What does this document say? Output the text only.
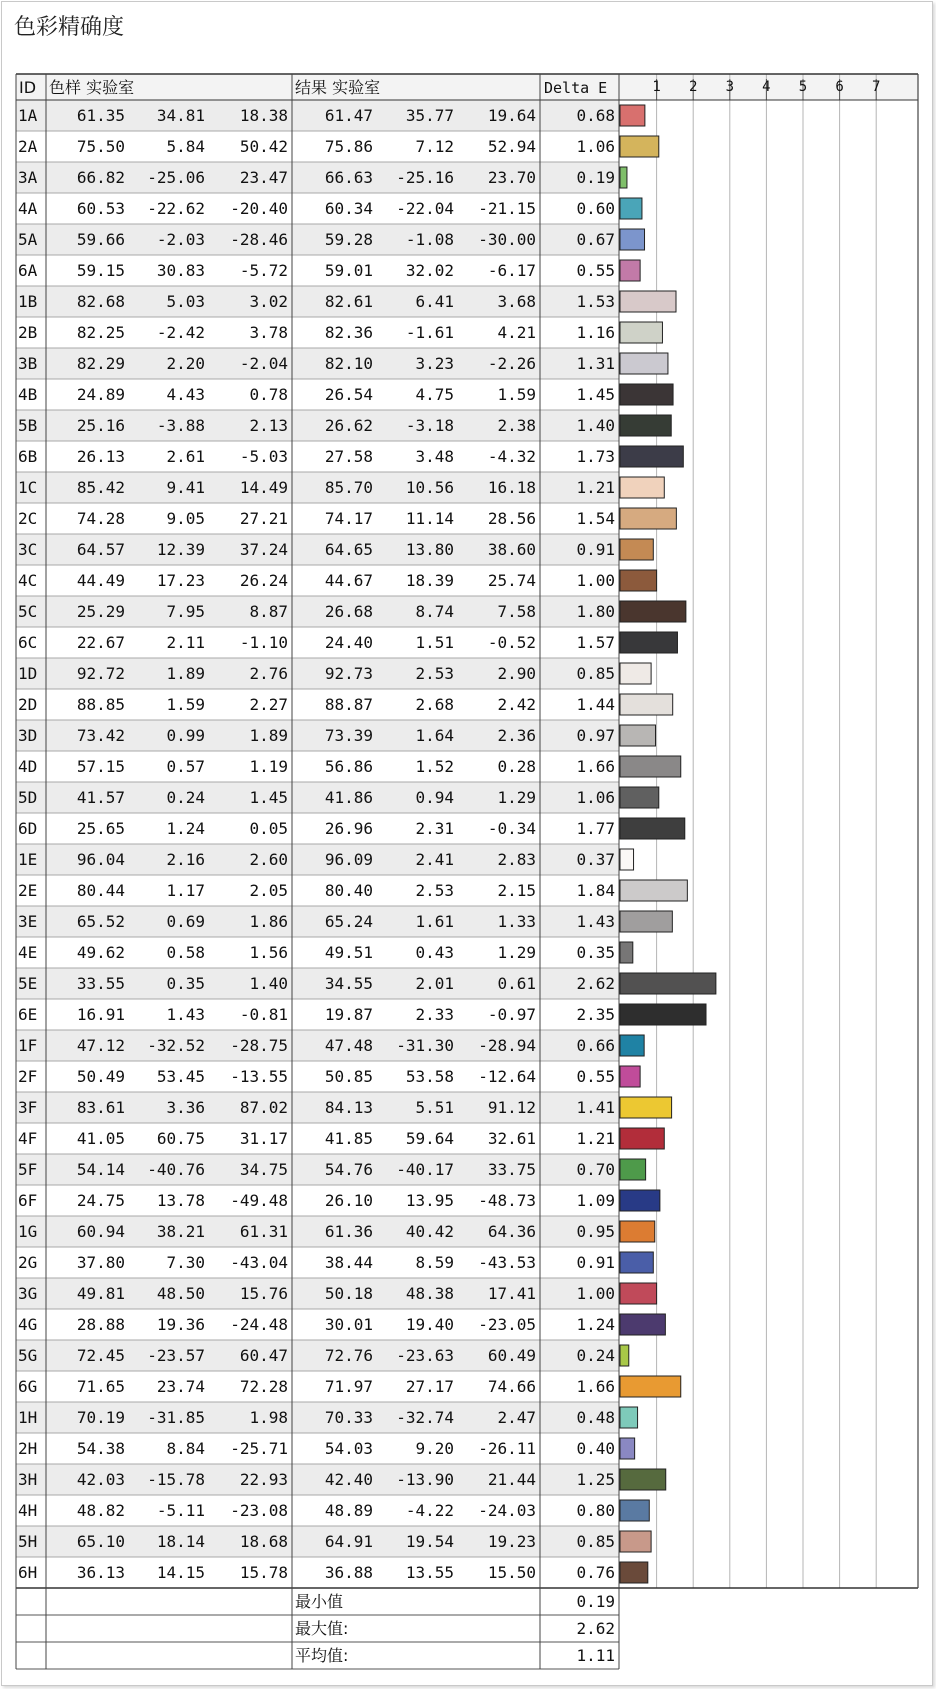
色彩精确度
ID 色样 实验室	结果 实验室	Delta E	1 2 3 4 5 6 7
1A 61.35 34.81 18.38 61.47 35.77 19.64	0.68
2A 75.50	5.84 50.42 75.86	7.12 52.94	1.06
3A 66.82 -25.06 23.47 66.63 -25.16 23.70	0.19
4A 60.53 -22.62 -20.40 60.34 -22.04 -21.15	0.60
5A 59.66 -2.03 -28.46 59.28 -1.08 -30.00	0.67
6A 59.15 30.83 -5.72 59.01 32.02 -6.17	0.55
1B 82.68	5.03	3.02 82.61	6.41	3.68	1.53
2B 82.25 -2.42	3.78 82.36 -1.61	4.21	1.16
3B 82.29	2.20 -2.04 82.10	3.23 -2.26	1.31
4B 24.89	4.43	0.78 26.54	4.75	1.59	1.45
5B 25.16 -3.88	2.13 26.62 -3.18	2.38	1.40
6B 26.13	2.61 -5.03 27.58	3.48 -4.32	1.73
1C 85.42	9.41 14.49 85.70 10.56 16.18	1.21
2C 74.28	9.05 27.21 74.17 11.14 28.56	1.54
3C 64.57 12.39 37.24 64.65 13.80 38.60	0.91
4C 44.49 17.23 26.24 44.67 18.39 25.74	1.00
5C 25.29	7.95	8.87 26.68	8.74	7.58	1.80
6C 22.67	2.11 -1.10 24.40	1.51 -0.52	1.57
1D 92.72	1.89	2.76 92.73	2.53	2.90	0.85
2D 88.85	1.59	2.27 88.87	2.68	2.42	1.44
3D 73.42	0.99	1.89 73.39	1.64	2.36	0.97
4D 57.15	0.57	1.19 56.86	1.52	0.28	1.66
5D 41.57	0.24	1.45 41.86	0.94	1.29	1.06
6D 25.65	1.24	0.05 26.96	2.31 -0.34	1.77
1E 96.04	2.16	2.60 96.09	2.41	2.83	0.37
2E 80.44	1.17	2.05 80.40	2.53	2.15	1.84
3E 65.52	0.69	1.86 65.24	1.61	1.33	1.43
4E 49.62	0.58	1.56 49.51	0.43	1.29	0.35
5E 33.55	0.35	1.40 34.55	2.01	0.61	2.62
6E 16.91	1.43 -0.81 19.87	2.33 -0.97	2.35
1F 47.12 -32.52 -28.75 47.48 -31.30 -28.94	0.66
2F 50.49 53.45 -13.55 50.85 53.58 -12.64	0.55
3F 83.61	3.36 87.02 84.13	5.51 91.12	1.41
4F 41.05 60.75 31.17 41.85 59.64 32.61	1.21
5F 54.14 -40.76 34.75 54.76 -40.17 33.75	0.70
6F 24.75 13.78 -49.48 26.10 13.95 -48.73	1.09
1G 60.94 38.21 61.31 61.36 40.42 64.36	0.95
2G 37.80	7.30 -43.04 38.44	8.59 -43.53	0.91
3G 49.81 48.50 15.76 50.18 48.38 17.41	1.00
4G 28.88 19.36 -24.48 30.01 19.40 -23.05	1.24
5G 72.45 -23.57 60.47 72.76 -23.63 60.49	0.24
6G 71.65 23.74 72.28 71.97 27.17 74.66	1.66
1H 70.19 -31.85	1.98 70.33 -32.74	2.47	0.48
2H 54.38	8.84 -25.71 54.03	9.20 -26.11	0.40
3H 42.03 -15.78 22.93 42.40 -13.90 21.44	1.25
4H 48.82 -5.11 -23.08 48.89 -4.22 -24.03	0.80
5H 65.10 18.14 18.68 64.91 19.54 19.23	0.85
6H 36.13 14.15 15.78 36.88 13.55 15.50	0.76
最小值	0.19
最大值:	2.62
平均值:	1.11
